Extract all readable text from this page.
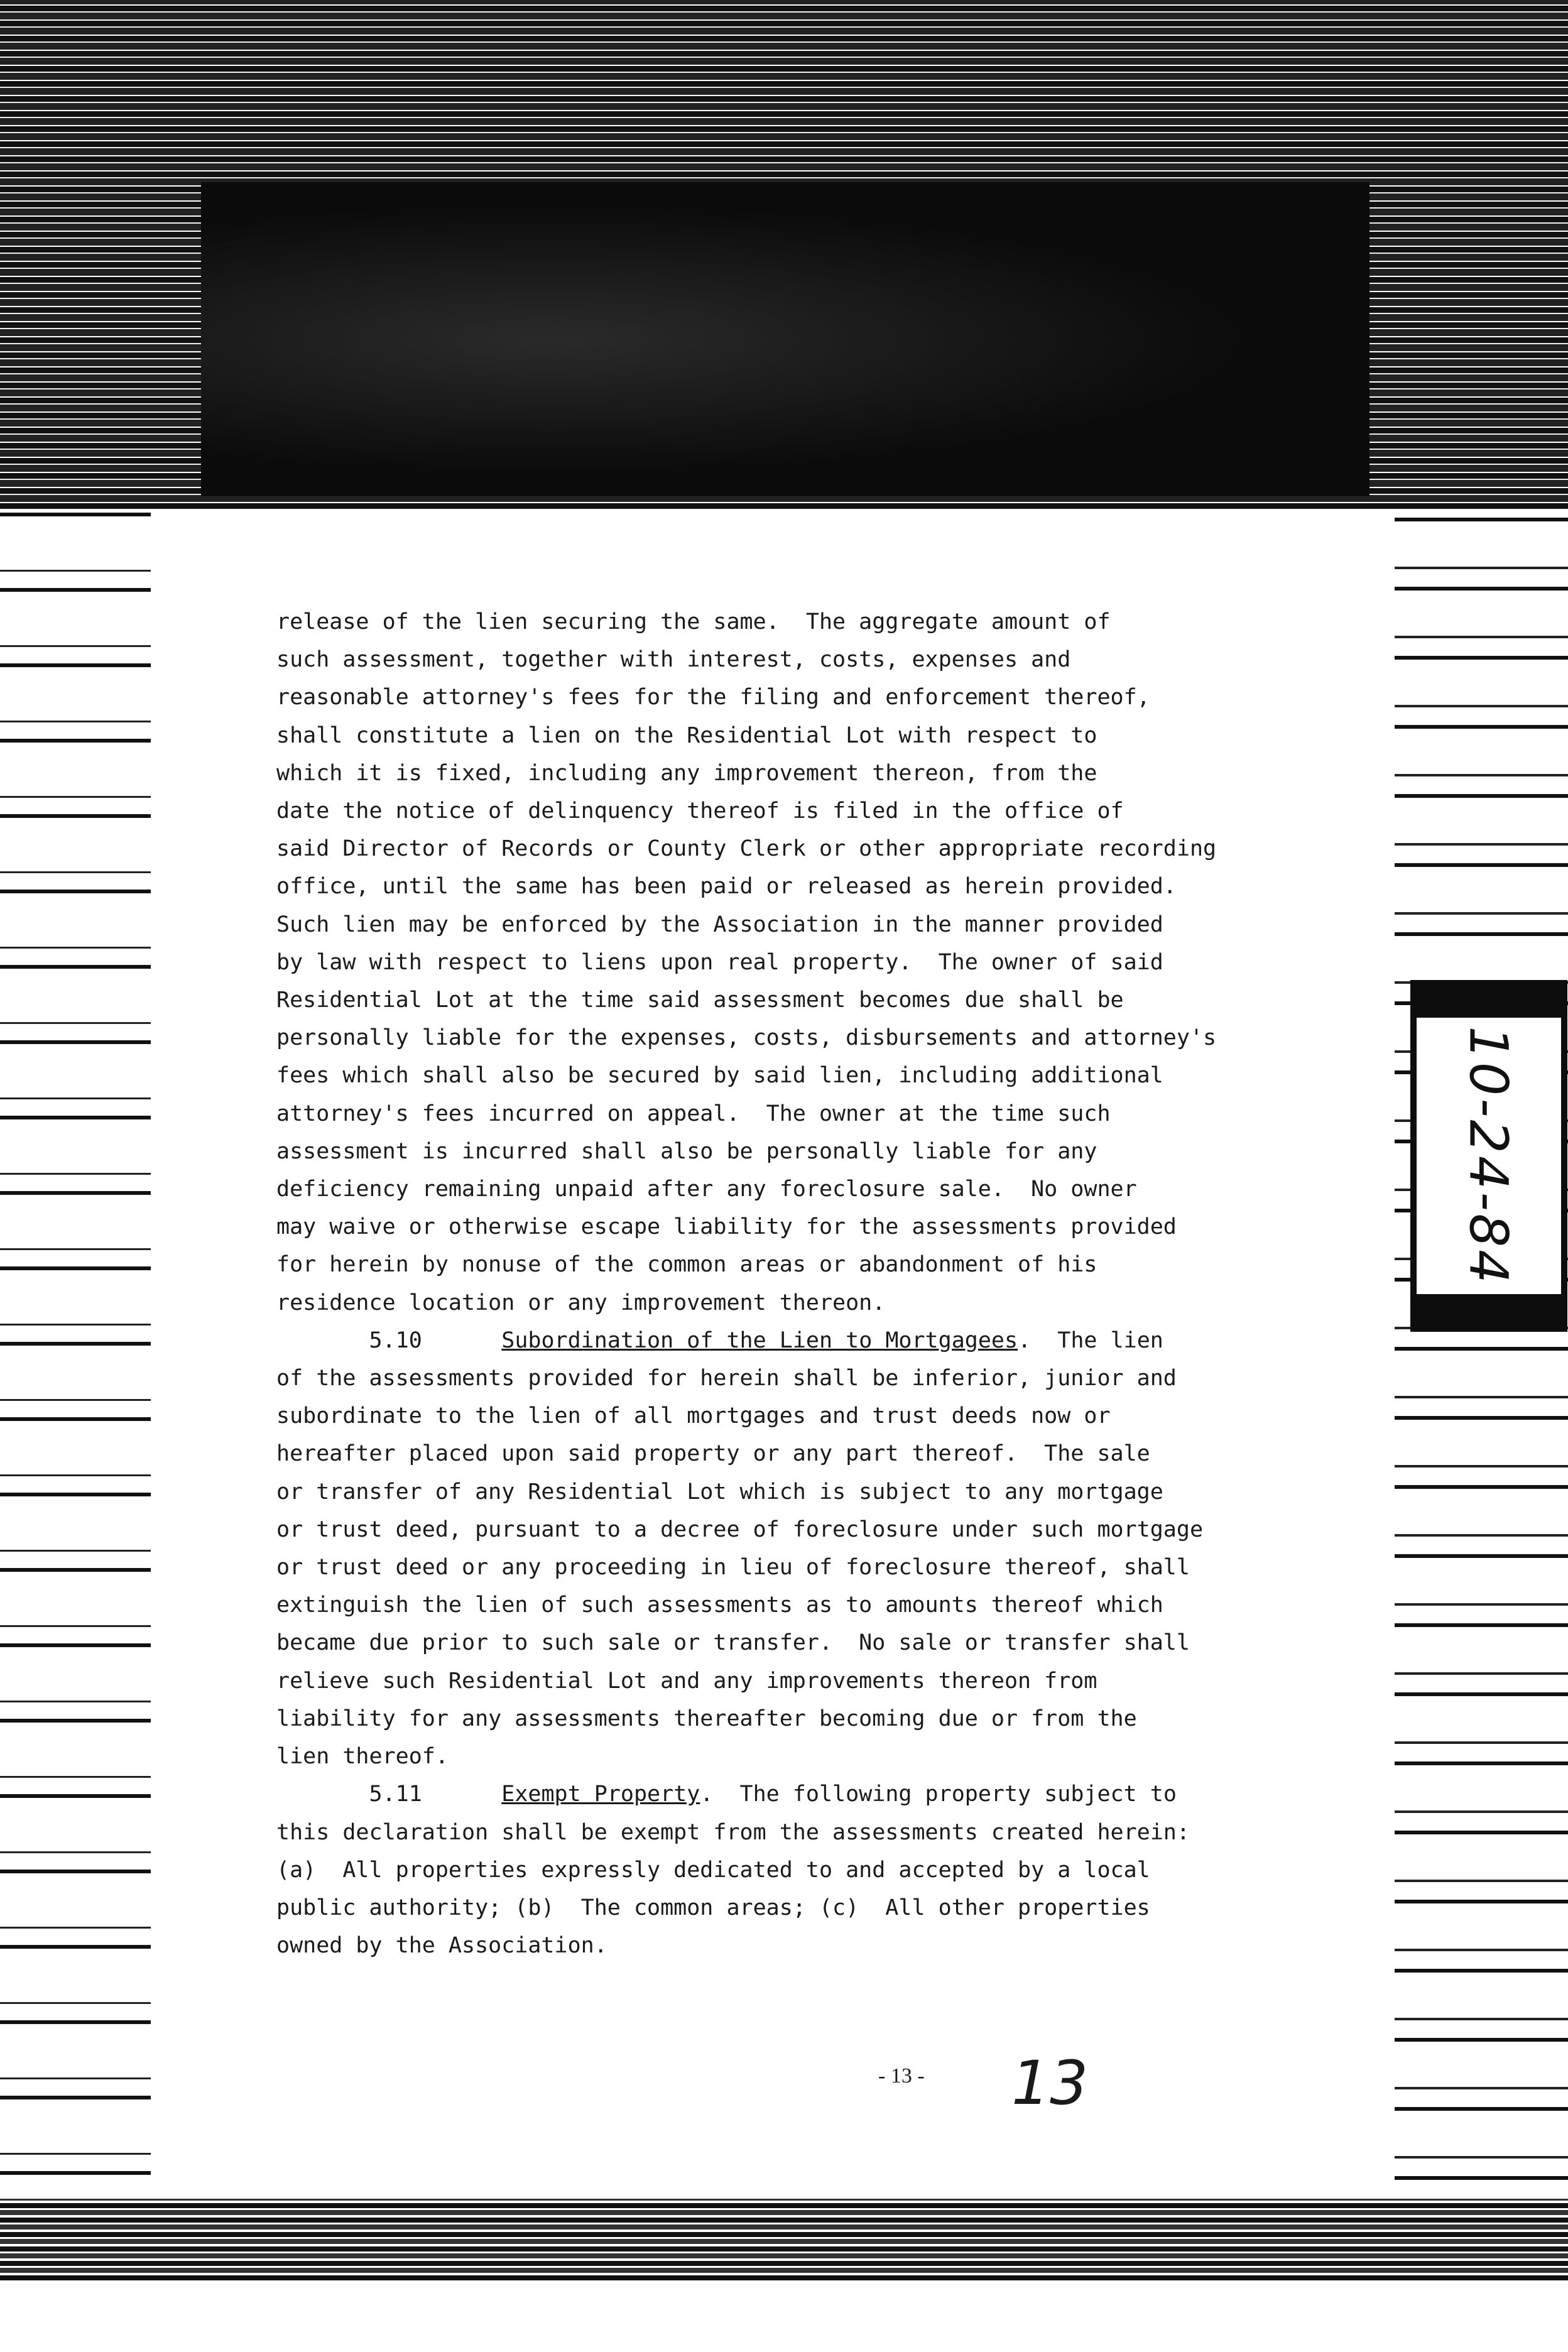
10-24-84
release of the lien securing the same.  The aggregate amount of
such assessment, together with interest, costs, expenses and
reasonable attorney's fees for the filing and enforcement thereof,
shall constitute a lien on the Residential Lot with respect to
which it is fixed, including any improvement thereon, from the
date the notice of delinquency thereof is filed in the office of
said Director of Records or County Clerk or other appropriate recording
office, until the same has been paid or released as herein provided.
Such lien may be enforced by the Association in the manner provided
by law with respect to liens upon real property.  The owner of said
Residential Lot at the time said assessment becomes due shall be
personally liable for the expenses, costs, disbursements and attorney's
fees which shall also be secured by said lien, including additional
attorney's fees incurred on appeal.  The owner at the time such
assessment is incurred shall also be personally liable for any
deficiency remaining unpaid after any foreclosure sale.  No owner
may waive or otherwise escape liability for the assessments provided
for herein by nonuse of the common areas or abandonment of his
residence location or any improvement thereon.
5.10	Subordination of the Lien to Mortgagees.  The lien
of the assessments provided for herein shall be inferior, junior and
subordinate to the lien of all mortgages and trust deeds now or
hereafter placed upon said property or any part thereof.  The sale
or transfer of any Residential Lot which is subject to any mortgage
or trust deed, pursuant to a decree of foreclosure under such mortgage
or trust deed or any proceeding in lieu of foreclosure thereof, shall
extinguish the lien of such assessments as to amounts thereof which
became due prior to such sale or transfer.  No sale or transfer shall
relieve such Residential Lot and any improvements thereon from
liability for any assessments thereafter becoming due or from the
lien thereof.
5.11	Exempt Property.  The following property subject to
this declaration shall be exempt from the assessments created herein:
(a)  All properties expressly dedicated to and accepted by a local
public authority; (b)  The common areas; (c)  All other properties
owned by the Association.
- 13 - 13
